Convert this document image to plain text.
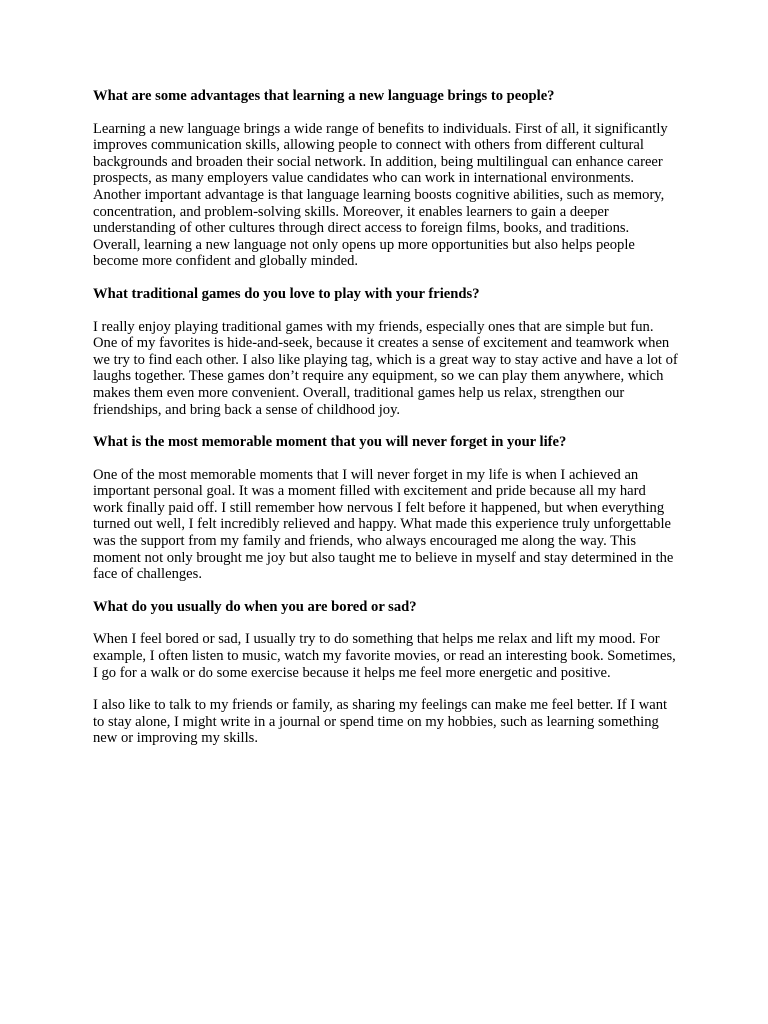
What are some advantages that learning a new language brings to people?

Learning a new language brings a wide range of benefits to individuals. First of all, it significantly improves communication skills, allowing people to connect with others from different cultural backgrounds and broaden their social network. In addition, being multilingual can enhance career prospects, as many employers value candidates who can work in international environments. Another important advantage is that language learning boosts cognitive abilities, such as memory, concentration, and problem-solving skills. Moreover, it enables learners to gain a deeper understanding of other cultures through direct access to foreign films, books, and traditions. Overall, learning a new language not only opens up more opportunities but also helps people become more confident and globally minded.

What traditional games do you love to play with your friends?

I really enjoy playing traditional games with my friends, especially ones that are simple but fun. One of my favorites is hide-and-seek, because it creates a sense of excitement and teamwork when we try to find each other. I also like playing tag, which is a great way to stay active and have a lot of laughs together. These games don’t require any equipment, so we can play them anywhere, which makes them even more convenient. Overall, traditional games help us relax, strengthen our friendships, and bring back a sense of childhood joy.

What is the most memorable moment that you will never forget in your life?

One of the most memorable moments that I will never forget in my life is when I achieved an important personal goal. It was a moment filled with excitement and pride because all my hard work finally paid off. I still remember how nervous I felt before it happened, but when everything turned out well, I felt incredibly relieved and happy. What made this experience truly unforgettable was the support from my family and friends, who always encouraged me along the way. This moment not only brought me joy but also taught me to believe in myself and stay determined in the face of challenges.

What do you usually do when you are bored or sad?

When I feel bored or sad, I usually try to do something that helps me relax and lift my mood. For example, I often listen to music, watch my favorite movies, or read an interesting book. Sometimes, I go for a walk or do some exercise because it helps me feel more energetic and positive.

I also like to talk to my friends or family, as sharing my feelings can make me feel better. If I want to stay alone, I might write in a journal or spend time on my hobbies, such as learning something new or improving my skills.
